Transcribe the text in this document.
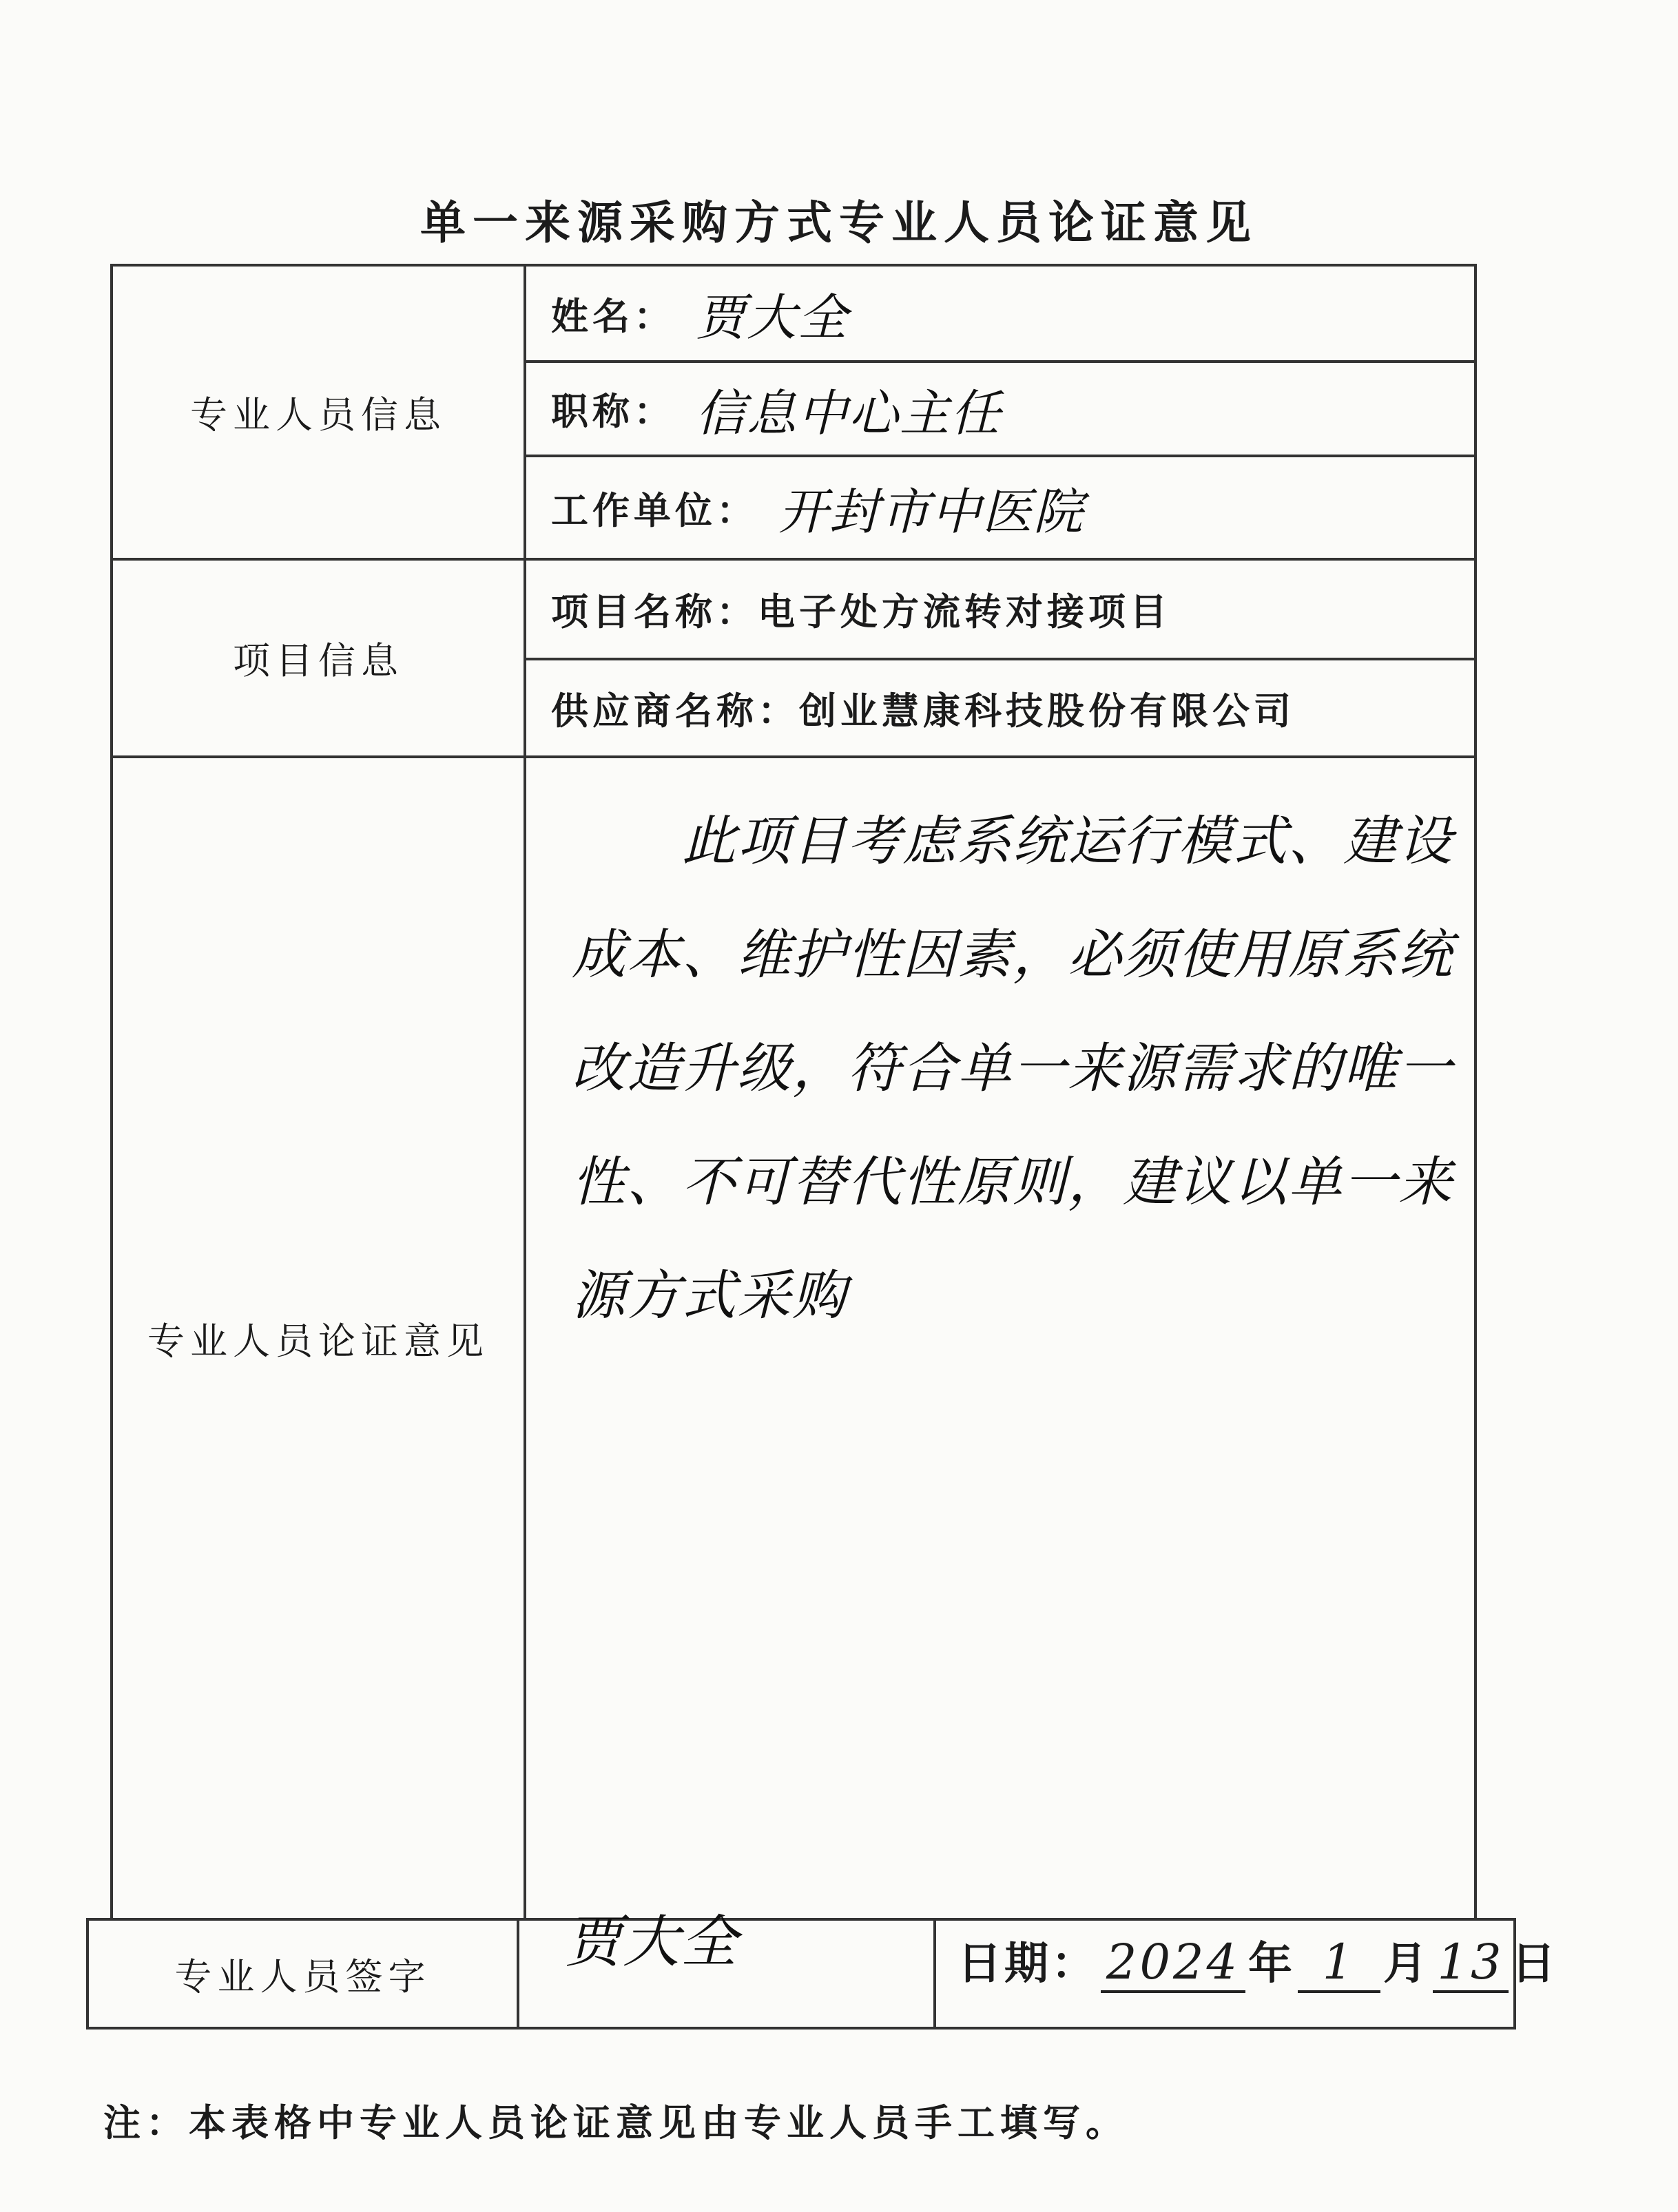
单一来源采购方式专业人员论证意见
专业人员信息
姓名： 贾大全
职称： 信息中心主任
工作单位： 开封市中医院
项目信息
项目名称：电子处方流转对接项目
供应商名称：创业慧康科技股份有限公司
专业人员论证意见
此项目考虑系统运行模式、建设成本、维护性因素，必须使用原系统改造升级，符合单一来源需求的唯一性、不可替代性原则，建议以单一来源方式采购
专业人员签字
贾大全	日期： 2024 年 1 月 13 日
注：本表格中专业人员论证意见由专业人员手工填写。
